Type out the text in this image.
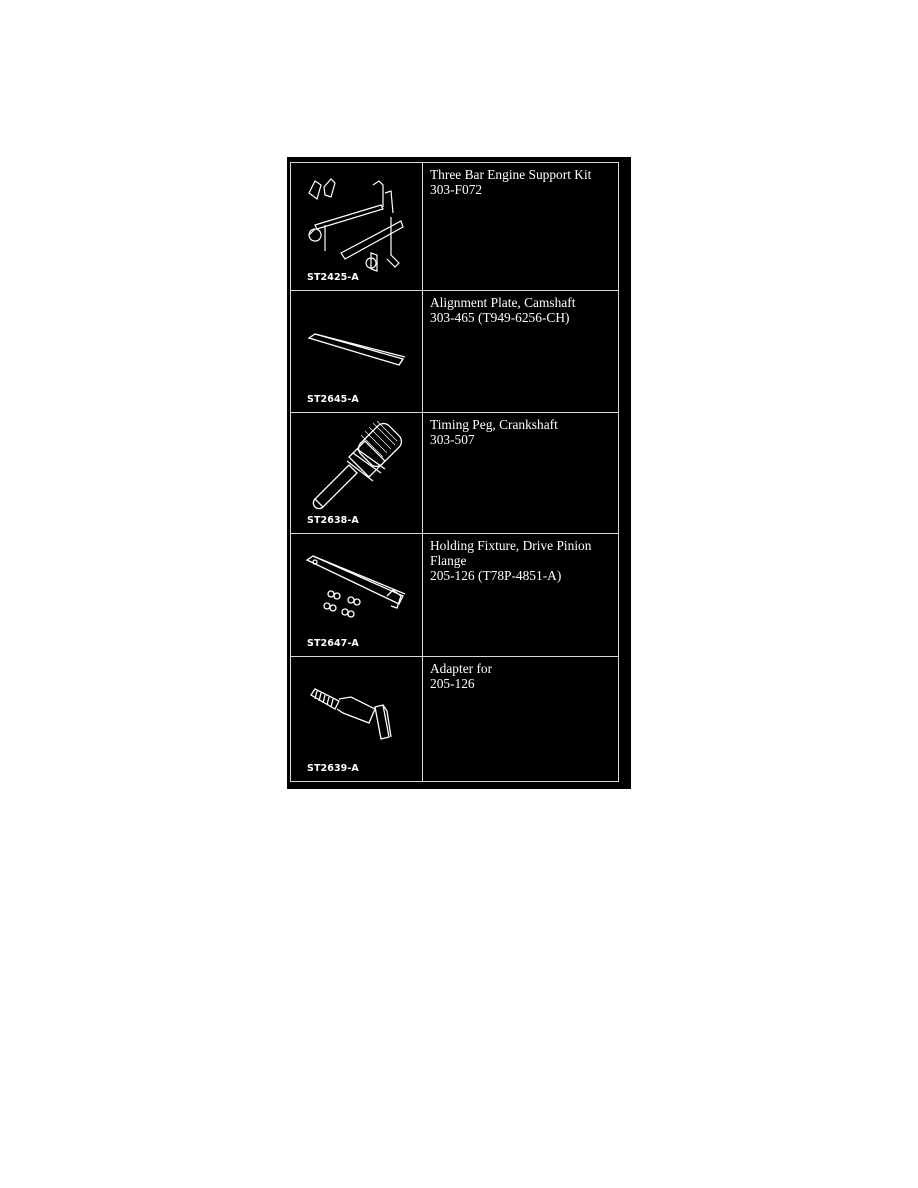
ST2425-A
Three Bar Engine Support Kit
303-F072
ST2645-A
Alignment Plate, Camshaft
303-465 (T949-6256-CH)
ST2638-A
Timing Peg, Crankshaft
303-507
ST2647-A
Holding Fixture, Drive Pinion
Flange
205-126 (T78P-4851-A)
ST2639-A
Adapter for
205-126
